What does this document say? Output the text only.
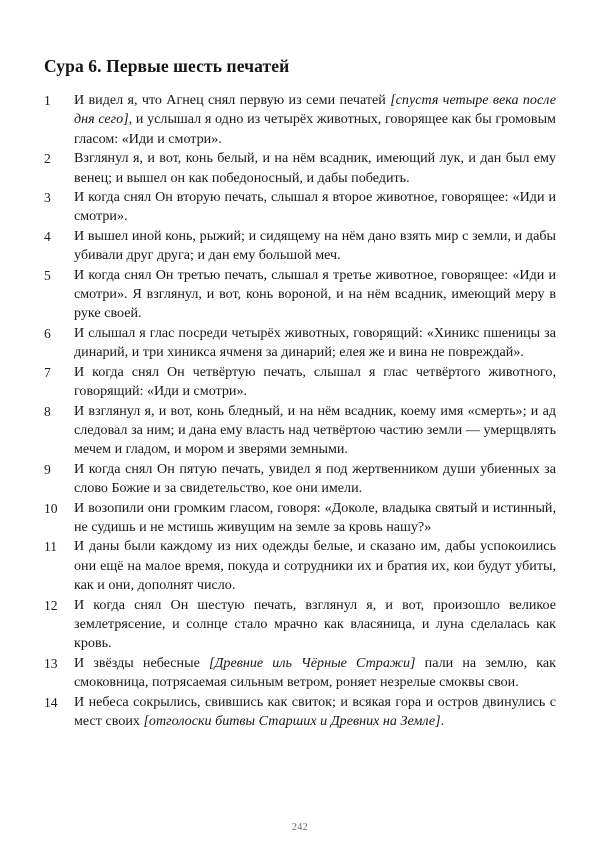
Сура 6. Первые шесть печатей
1	И видел я, что Агнец снял первую из семи печатей [спустя четыре века после дня сего], и услышал я одно из четырёх животных, говорящее как бы громовым гласом: «Иди и смотри».
2	Взглянул я, и вот, конь белый, и на нём всадник, имеющий лук, и дан был ему венец; и вышел он как победоносный, и дабы победить.
3	И когда снял Он вторую печать, слышал я второе животное, говорящее: «Иди и смотри».
4	И вышел иной конь, рыжий; и сидящему на нём дано взять мир с земли, и дабы убивали друг друга; и дан ему большой меч.
5	И когда снял Он третью печать, слышал я третье животное, говорящее: «Иди и смотри». Я взглянул, и вот, конь вороной, и на нём всадник, имеющий меру в руке своей.
6	И слышал я глас посреди четырёх животных, говорящий: «Хиникс пшеницы за динарий, и три хиникса ячменя за динарий; елея же и вина не повреждай».
7	И когда снял Он четвёртую печать, слышал я глас четвёртого животного, говорящий: «Иди и смотри».
8	И взглянул я, и вот, конь бледный, и на нём всадник, коему имя «смерть»; и ад следовал за ним; и дана ему власть над четвёртою частию земли — умерщвлять мечем и гладом, и мором и зверями земными.
9	И когда снял Он пятую печать, увидел я под жертвенником души убиенных за слово Божие и за свидетельство, кое они имели.
10	И возопили они громким гласом, говоря: «Доколе, владыка святый и истинный, не судишь и не мстишь живущим на земле за кровь нашу?»
11	И даны были каждому из них одежды белые, и сказано им, дабы успокоились они ещё на малое время, покуда и сотрудники их и братия их, кои будут убиты, как и они, дополнят число.
12	И когда снял Он шестую печать, взглянул я, и вот, произошло великое землетрясение, и солнце стало мрачно как власяница, и луна сделалась как кровь.
13	И звёзды небесные [Древние иль Чёрные Стражи] пали на землю, как смоковница, потрясаемая сильным ветром, роняет незрелые смоквы свои.
14	И небеса сокрылись, свившись как свиток; и всякая гора и остров двинулись с мест своих [отголоски битвы Старших и Древних на Земле].
242
